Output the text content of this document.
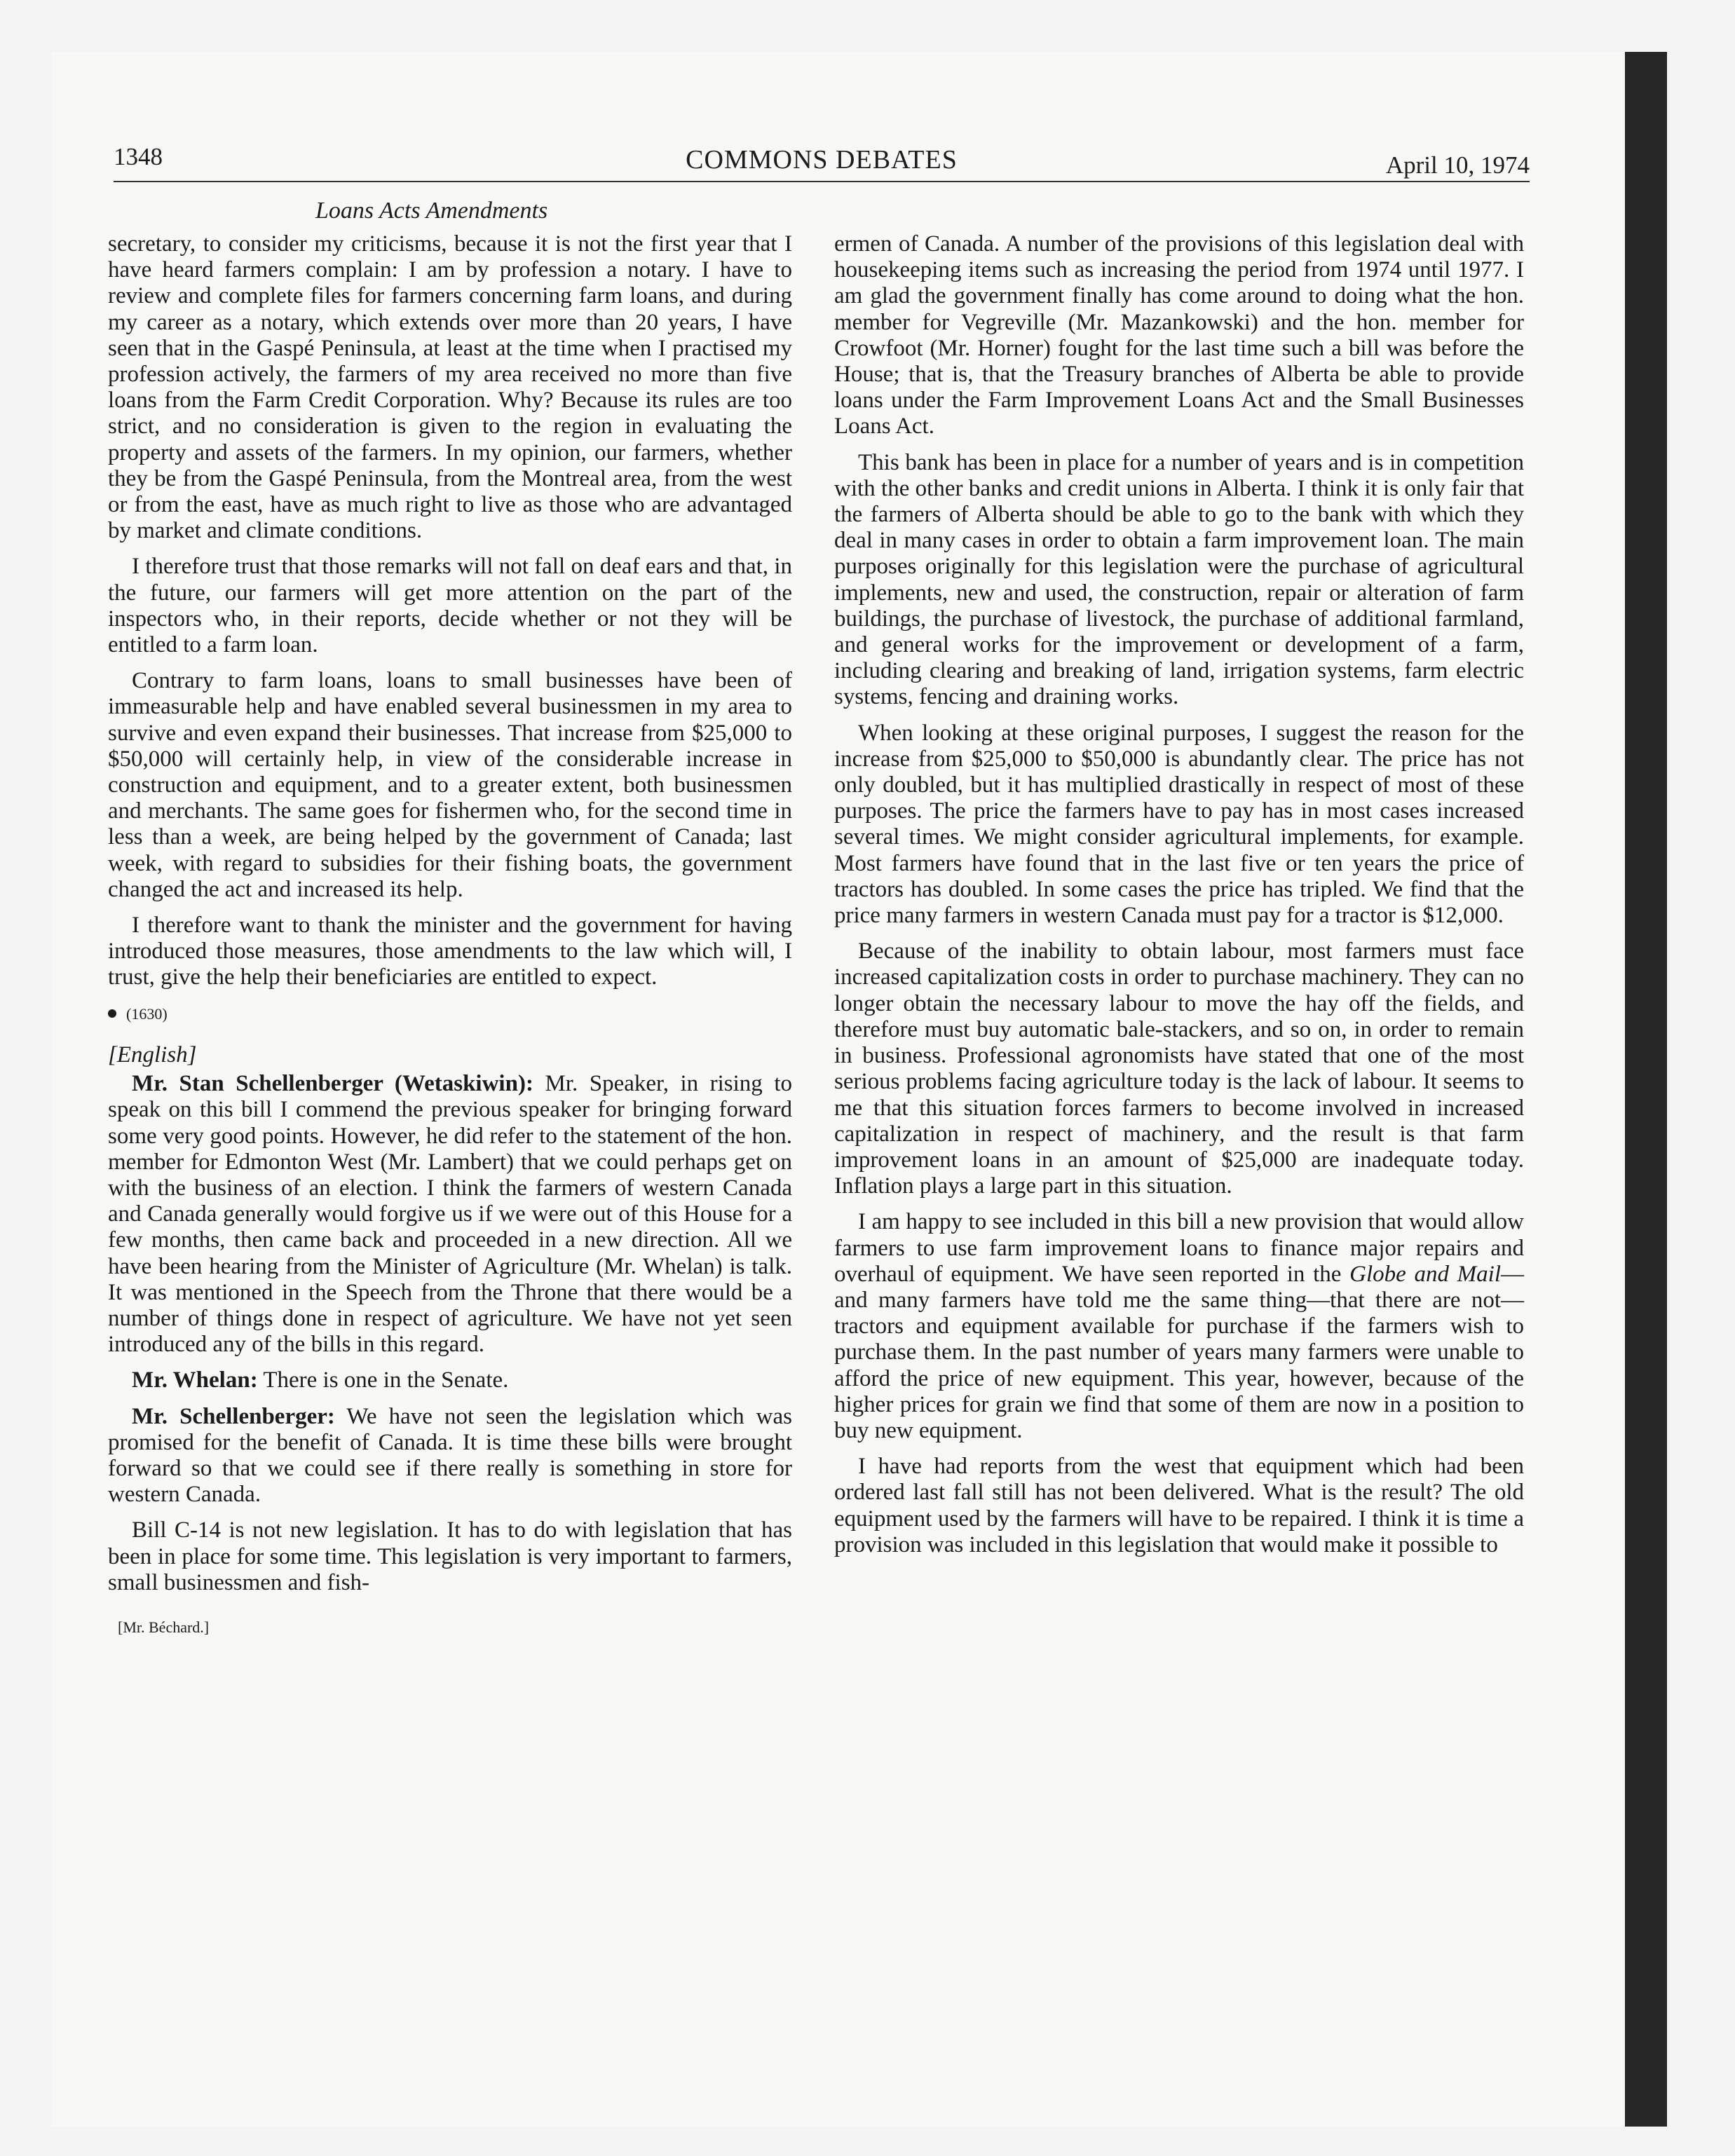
1348	COMMONS DEBATES	April 10, 1974
Loans Acts Amendments

secretary, to consider my criticisms, because it is not the first year that I have heard farmers complain: I am by profession a notary. I have to review and complete files for farmers concerning farm loans, and during my career as a notary, which extends over more than 20 years, I have seen that in the Gaspé Peninsula, at least at the time when I practised my profession actively, the farmers of my area received no more than five loans from the Farm Credit Corporation. Why? Because its rules are too strict, and no consideration is given to the region in evaluating the property and assets of the farmers. In my opinion, our farmers, whether they be from the Gaspé Peninsula, from the Montreal area, from the west or from the east, have as much right to live as those who are advantaged by market and climate conditions.

I therefore trust that those remarks will not fall on deaf ears and that, in the future, our farmers will get more attention on the part of the inspectors who, in their reports, decide whether or not they will be entitled to a farm loan.

Contrary to farm loans, loans to small businesses have been of immeasurable help and have enabled several businessmen in my area to survive and even expand their businesses. That increase from $25,000 to $50,000 will certainly help, in view of the considerable increase in construction and equipment, and to a greater extent, both businessmen and merchants. The same goes for fishermen who, for the second time in less than a week, are being helped by the government of Canada; last week, with regard to subsidies for their fishing boats, the government changed the act and increased its help.

I therefore want to thank the minister and the government for having introduced those measures, those amendments to the law which will, I trust, give the help their beneficiaries are entitled to expect.

(1630)
[English]

Mr. Stan Schellenberger (Wetaskiwin): Mr. Speaker, in rising to speak on this bill I commend the previous speaker for bringing forward some very good points. However, he did refer to the statement of the hon. member for Edmonton West (Mr. Lambert) that we could perhaps get on with the business of an election. I think the farmers of western Canada and Canada generally would forgive us if we were out of this House for a few months, then came back and proceeded in a new direction. All we have been hearing from the Minister of Agriculture (Mr. Whelan) is talk. It was mentioned in the Speech from the Throne that there would be a number of things done in respect of agriculture. We have not yet seen introduced any of the bills in this regard.

Mr. Whelan: There is one in the Senate.

Mr. Schellenberger: We have not seen the legislation which was promised for the benefit of Canada. It is time these bills were brought forward so that we could see if there really is something in store for western Canada.

Bill C-14 is not new legislation. It has to do with legislation that has been in place for some time. This legislation is very important to farmers, small businessmen and fish-

[Mr. Béchard.]

ermen of Canada. A number of the provisions of this legislation deal with housekeeping items such as increasing the period from 1974 until 1977. I am glad the government finally has come around to doing what the hon. member for Vegreville (Mr. Mazankowski) and the hon. member for Crowfoot (Mr. Horner) fought for the last time such a bill was before the House; that is, that the Treasury branches of Alberta be able to provide loans under the Farm Improvement Loans Act and the Small Businesses Loans Act.

This bank has been in place for a number of years and is in competition with the other banks and credit unions in Alberta. I think it is only fair that the farmers of Alberta should be able to go to the bank with which they deal in many cases in order to obtain a farm improvement loan. The main purposes originally for this legislation were the purchase of agricultural implements, new and used, the construction, repair or alteration of farm buildings, the purchase of livestock, the purchase of additional farmland, and general works for the improvement or development of a farm, including clearing and breaking of land, irrigation systems, farm electric systems, fencing and draining works.

When looking at these original purposes, I suggest the reason for the increase from $25,000 to $50,000 is abundantly clear. The price has not only doubled, but it has multiplied drastically in respect of most of these purposes. The price the farmers have to pay has in most cases increased several times. We might consider agricultural implements, for example. Most farmers have found that in the last five or ten years the price of tractors has doubled. In some cases the price has tripled. We find that the price many farmers in western Canada must pay for a tractor is $12,000.

Because of the inability to obtain labour, most farmers must face increased capitalization costs in order to purchase machinery. They can no longer obtain the necessary labour to move the hay off the fields, and therefore must buy automatic bale-stackers, and so on, in order to remain in business. Professional agronomists have stated that one of the most serious problems facing agriculture today is the lack of labour. It seems to me that this situation forces farmers to become involved in increased capitalization in respect of machinery, and the result is that farm improvement loans in an amount of $25,000 are inadequate today. Inflation plays a large part in this situation.

I am happy to see included in this bill a new provision that would allow farmers to use farm improvement loans to finance major repairs and overhaul of equipment. We have seen reported in the Globe and Mail—and many farmers have told me the same thing—that there are not—tractors and equipment available for purchase if the farmers wish to purchase them. In the past number of years many farmers were unable to afford the price of new equipment. This year, however, because of the higher prices for grain we find that some of them are now in a position to buy new equipment.

I have had reports from the west that equipment which had been ordered last fall still has not been delivered. What is the result? The old equipment used by the farmers will have to be repaired. I think it is time a provision was included in this legislation that would make it possible to
